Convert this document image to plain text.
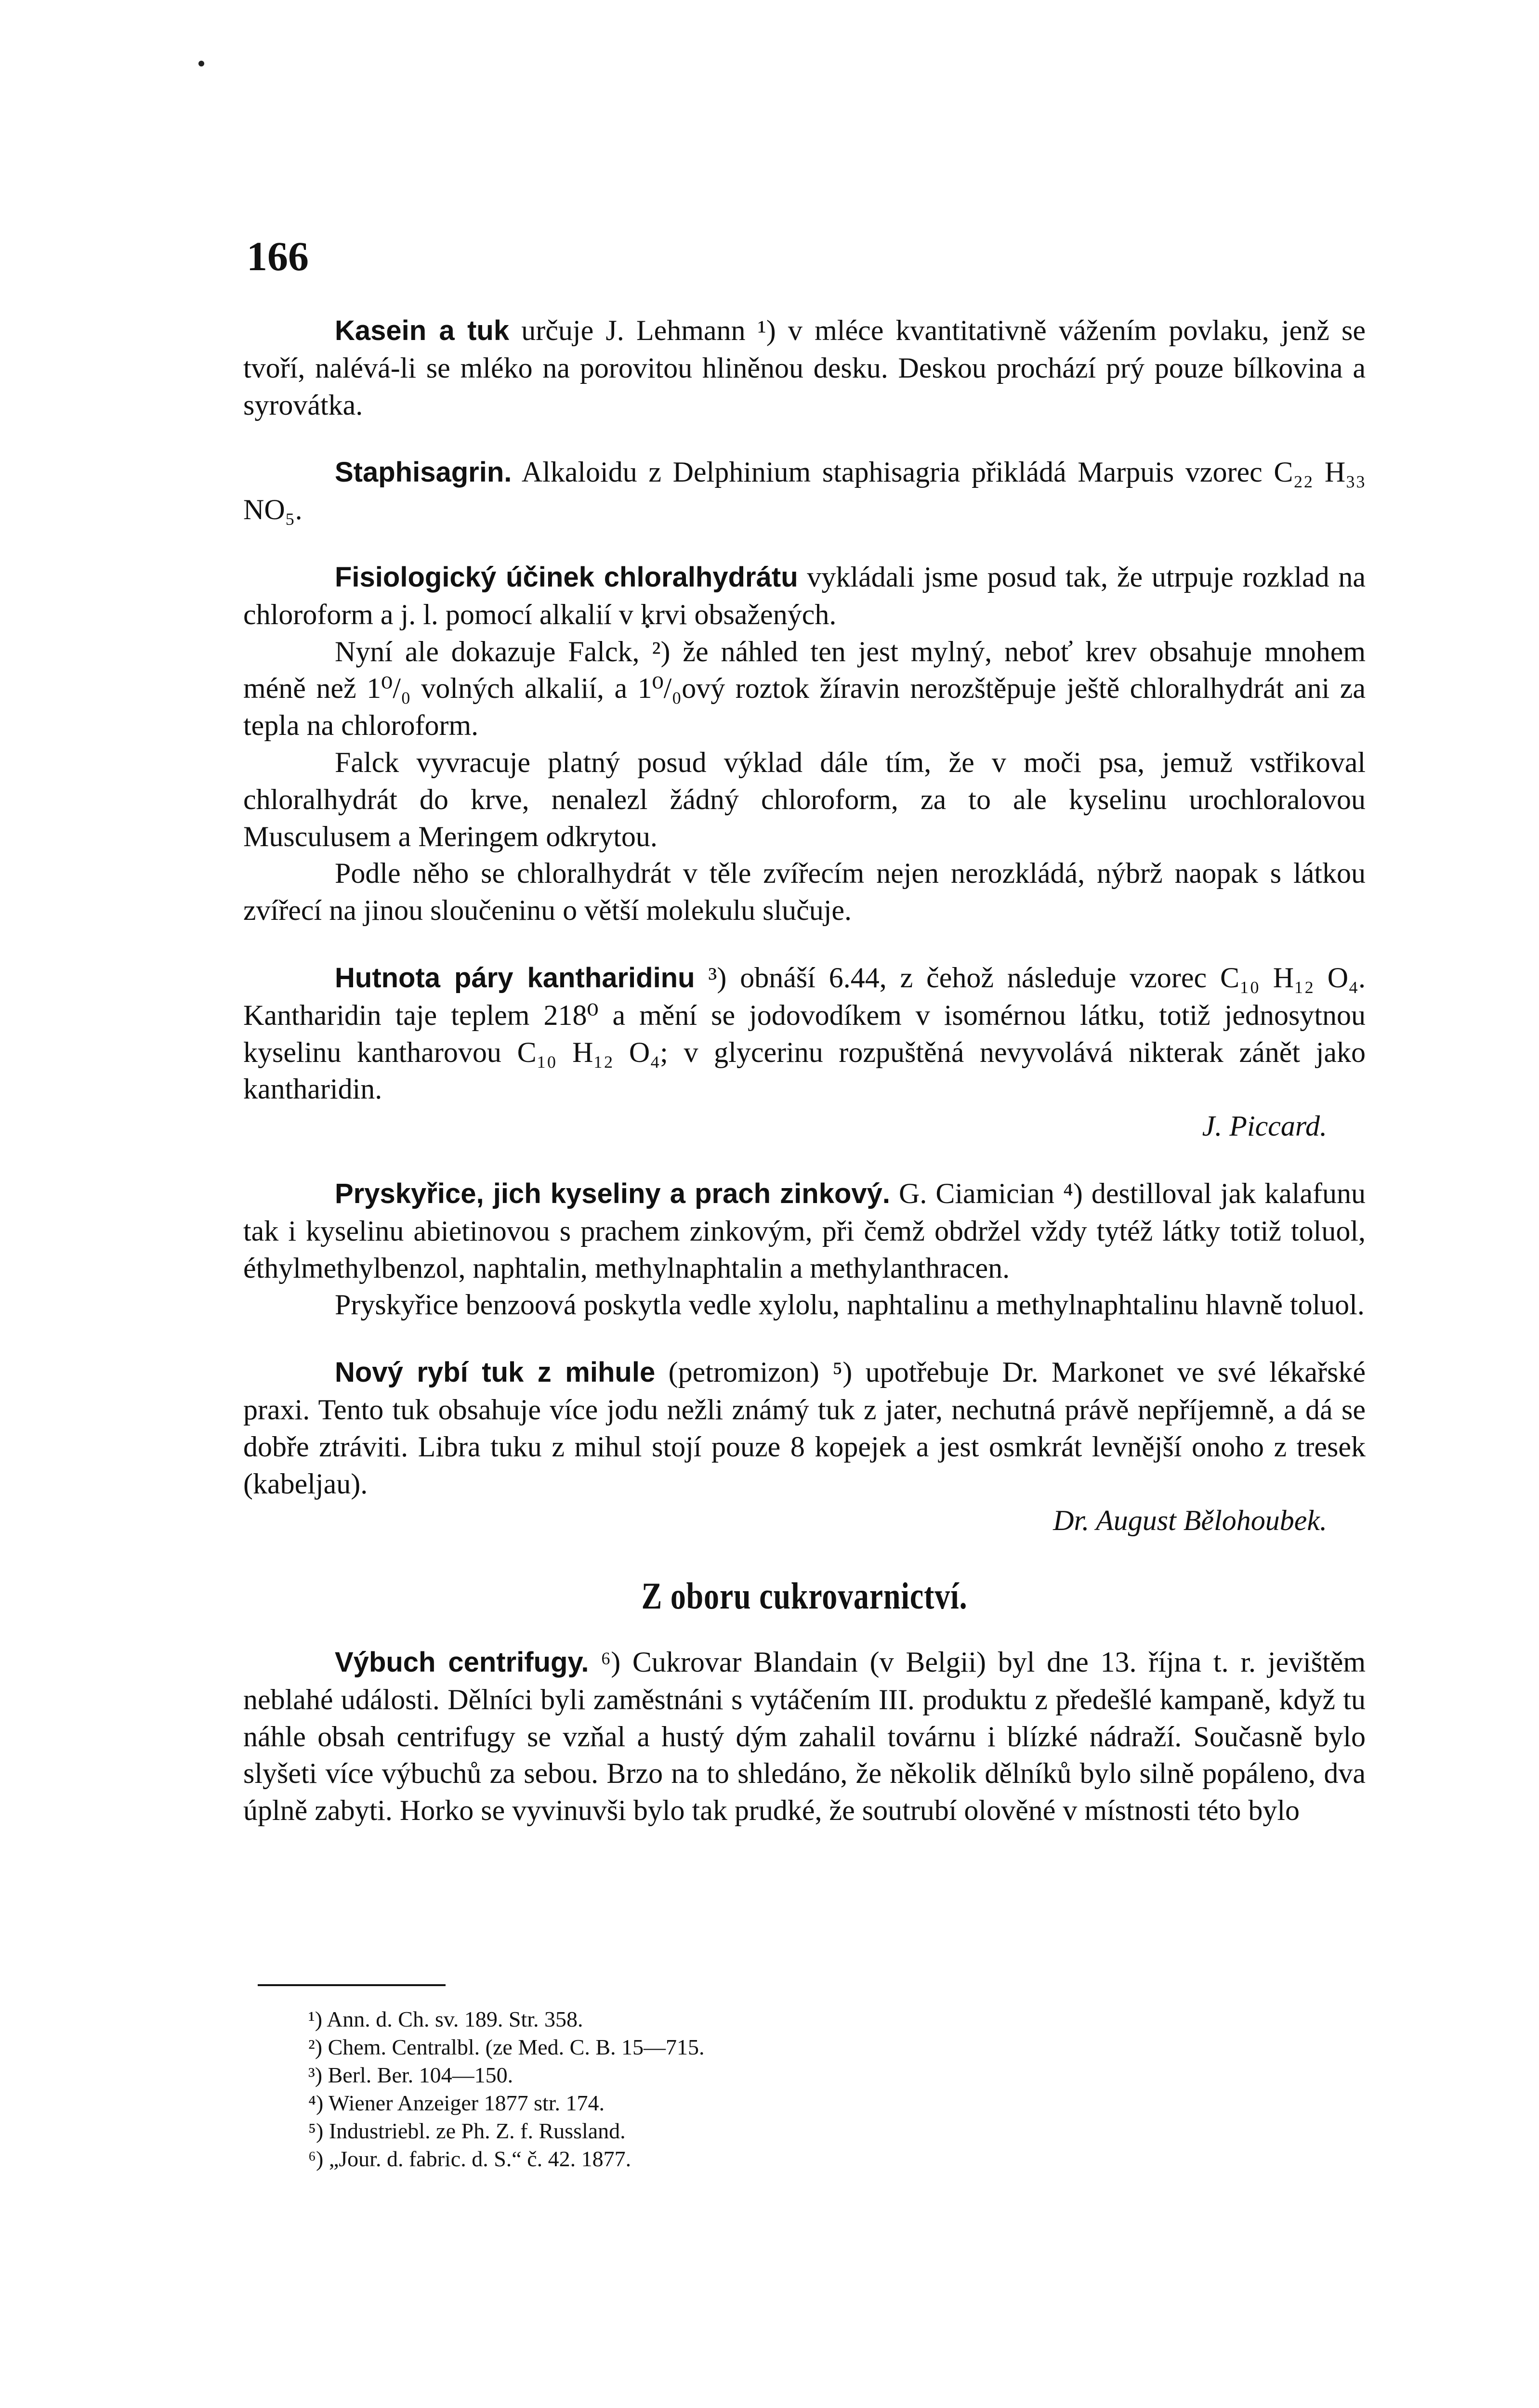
166

Kasein a tuk určuje J. Lehmann ¹) v mléce kvantitativně vážením povlaku, jenž se tvoří, nalévá-li se mléko na porovitou hliněnou desku. Deskou prochází prý pouze bílkovina a syrovátka.

Staphisagrin. Alkaloidu z Delphinium staphisagria přikládá Marpuis vzorec C₂₂ H₃₃ NO₅.

Fisiologický účinek chloralhydrátu vykládali jsme posud tak, že utrpuje rozklad na chloroform a j. l. pomocí alkalií v krvi obsažených.

Nyní ale dokazuje Falck, ²) že náhled ten jest mylný, neboť krev obsahuje mnohem méně než 1⁰/₀ volných alkalií, a 1⁰/₀ový roztok žíravin nerozštěpuje ještě chloralhydrát ani za tepla na chloroform.

Falck vyvracuje platný posud výklad dále tím, že v moči psa, jemuž vstřikoval chloralhydrát do krve, nenalezl žádný chloroform, za to ale kyselinu urochloralovou Musculusem a Meringem odkrytou.

Podle něho se chloralhydrát v těle zvířecím nejen nerozkládá, nýbrž naopak s látkou zvířecí na jinou sloučeninu o větší molekulu slučuje.

Hutnota páry kantharidinu ³) obnáší 6.44, z čehož následuje vzorec C₁₀ H₁₂ O₄. Kantharidin taje teplem 218⁰ a mění se jodovodíkem v isomérnou látku, totiž jednosytnou kyselinu kantharovou C₁₀ H₁₂ O₄; v glycerinu rozpuštěná nevyvolává nikterak zánět jako kantharidin.

J. Piccard.

Pryskyřice, jich kyseliny a prach zinkový. G. Ciamician ⁴) destilloval jak kalafunu tak i kyselinu abietinovou s prachem zinkovým, při čemž obdržel vždy tytéž látky totiž toluol, éthylmethylbenzol, naphtalin, methylnaphtalin a methylanthracen.

Pryskyřice benzoová poskytla vedle xylolu, naphtalinu a methylnaphtalinu hlavně toluol.

Nový rybí tuk z mihule (petromizon) ⁵) upotřebuje Dr. Markonet ve své lékařské praxi. Tento tuk obsahuje více jodu nežli známý tuk z jater, nechutná právě nepříjemně, a dá se dobře ztráviti. Libra tuku z mihul stojí pouze 8 kopejek a jest osmkrát levnější onoho z tresek (kabeljau).

Dr. August Bělohoubek.

Z oboru cukrovarnictví.

Výbuch centrifugy. ⁶) Cukrovar Blandain (v Belgii) byl dne 13. října t. r. jevištěm neblahé události. Dělníci byli zaměstnáni s vytáčením III. produktu z předešlé kampaně, když tu náhle obsah centrifugy se vzňal a hustý dým zahalil továrnu i blízké nádraží. Současně bylo slyšeti více výbuchů za sebou. Brzo na to shledáno, že několik dělníků bylo silně popáleno, dva úplně zabyti. Horko se vyvinuvši bylo tak prudké, že soutrubí olověné v místnosti této bylo

¹) Ann. d. Ch. sv. 189. Str. 358.
²) Chem. Centralbl. (ze Med. C. B. 15—715.
³) Berl. Ber. 104—150.
⁴) Wiener Anzeiger 1877 str. 174.
⁵) Industriebl. ze Ph. Z. f. Russland.
⁶) „Jour. d. fabric. d. S.“ č. 42. 1877.
